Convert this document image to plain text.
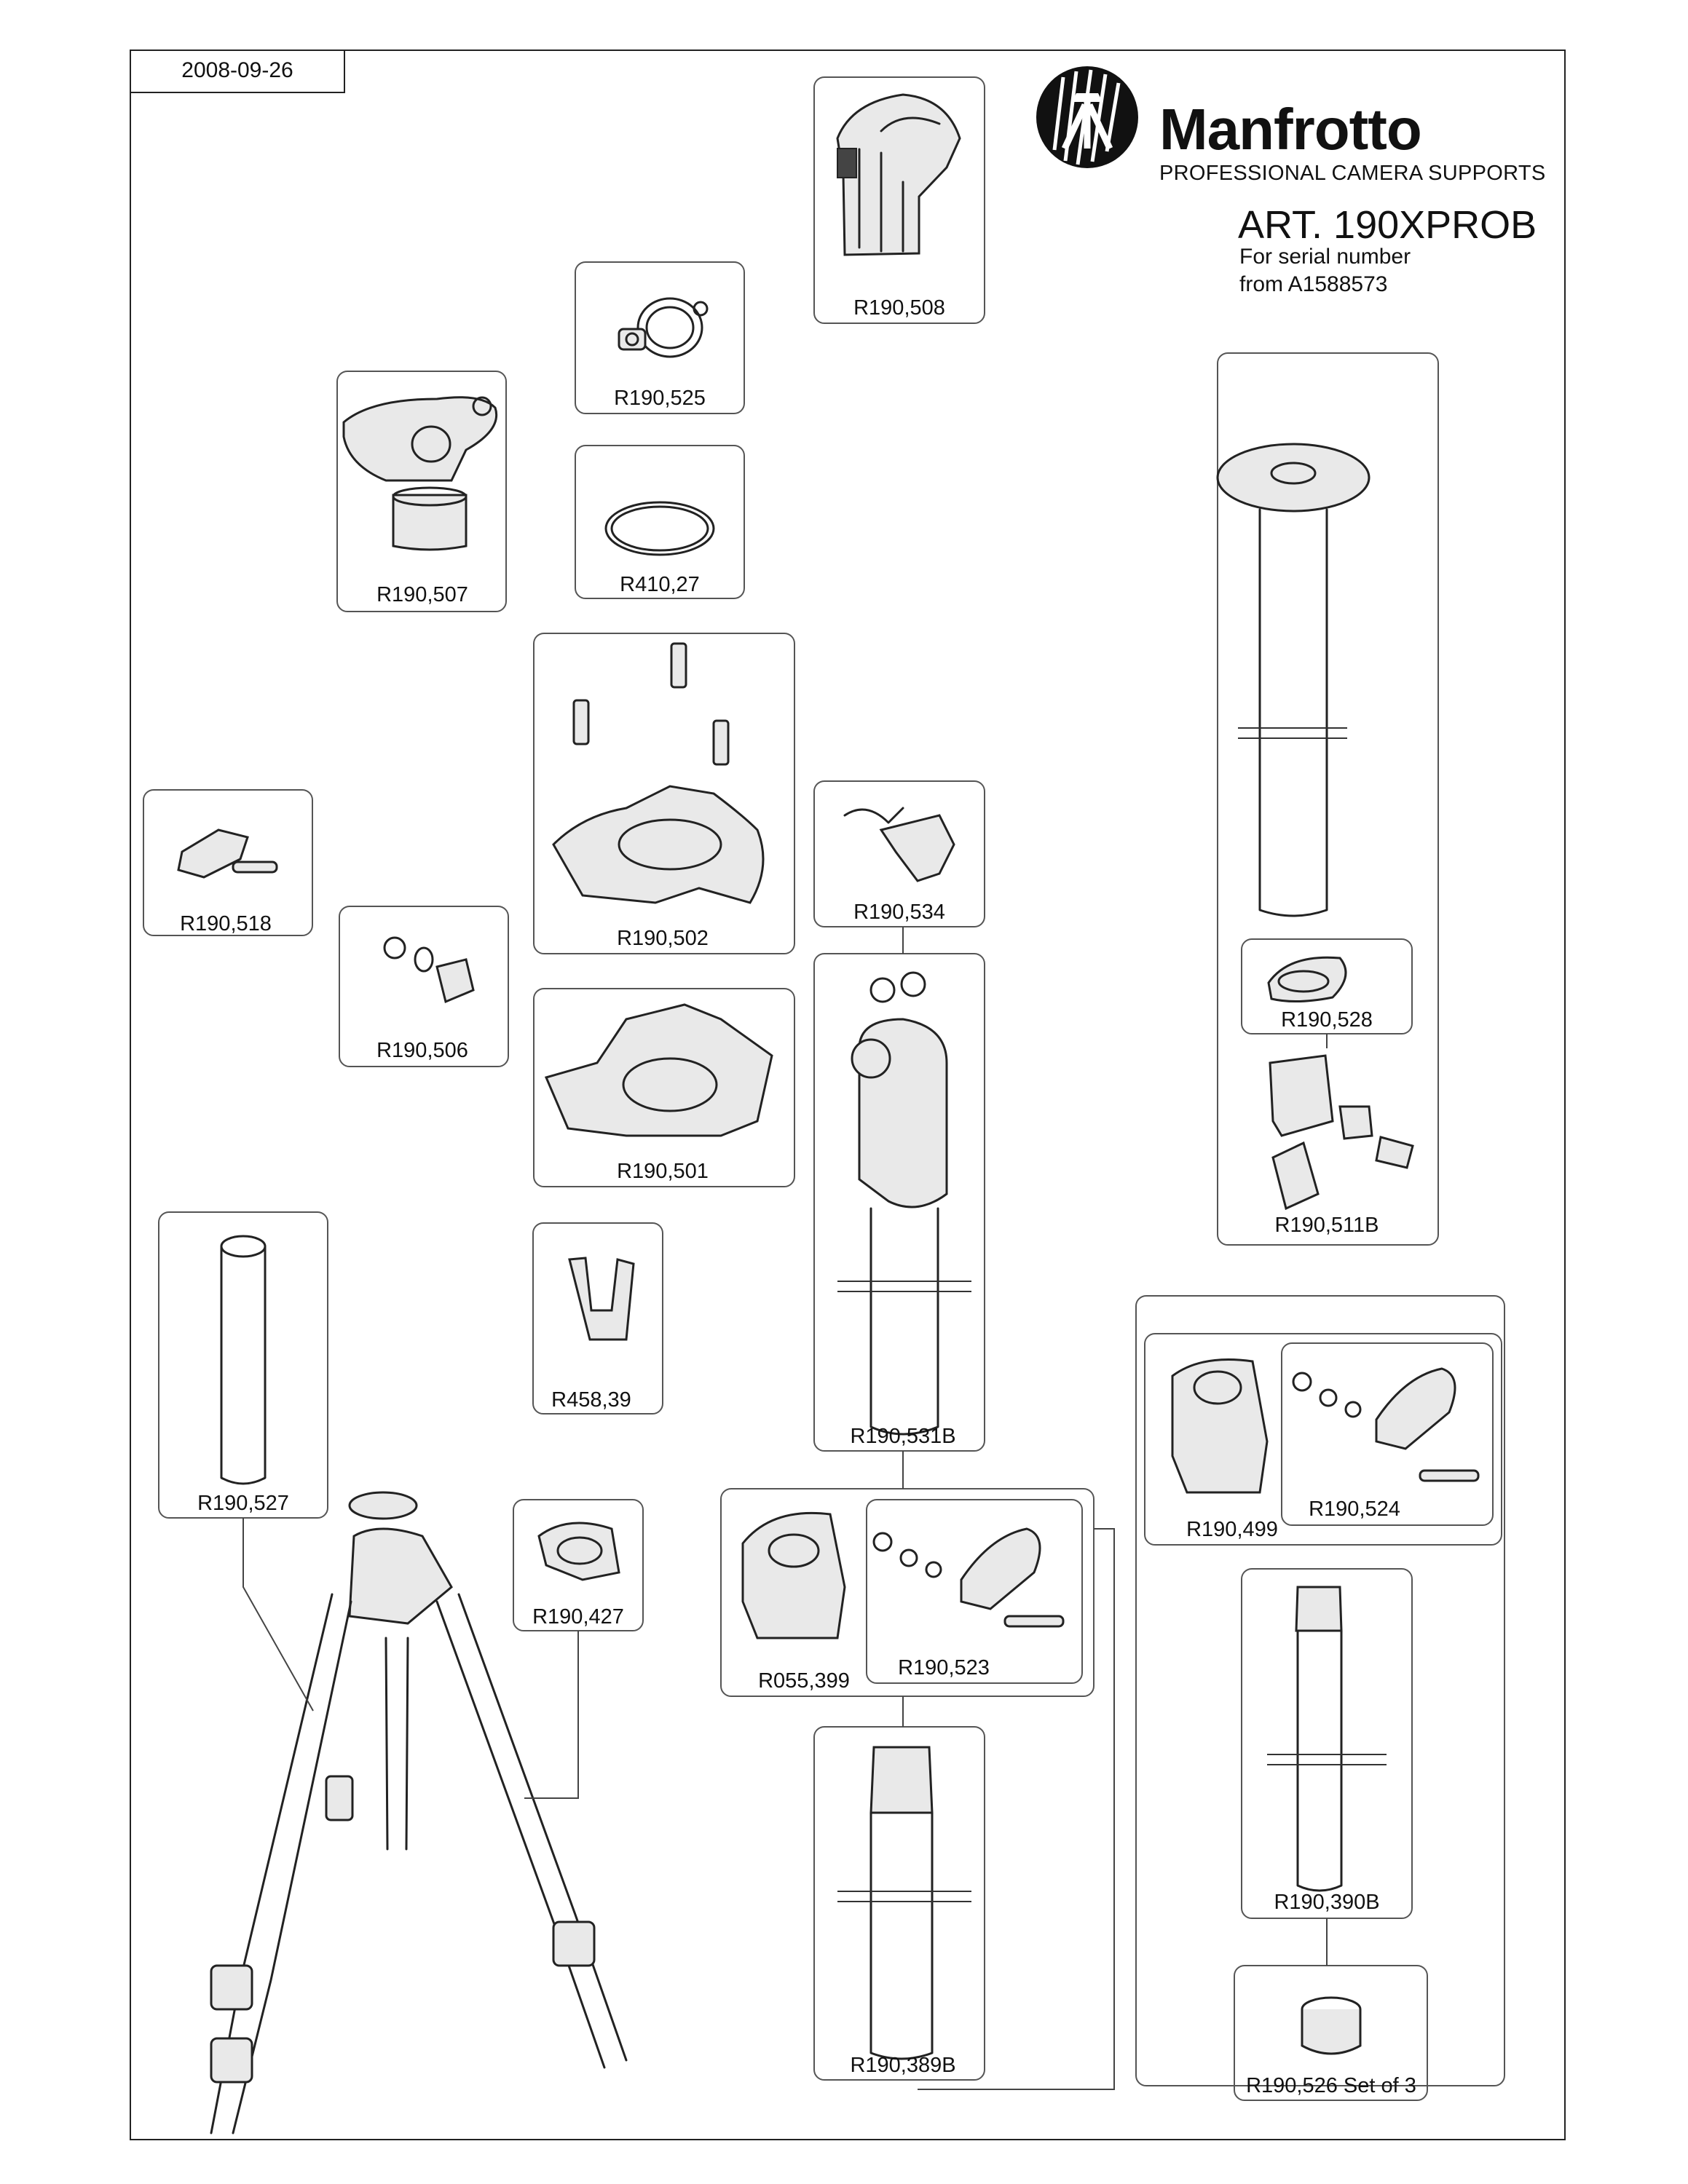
2008-09-26
Manfrotto
PROFESSIONAL CAMERA SUPPORTS
ART. 190XPROB
For serial number
from A1588573
R190,508
R190,525
R190,507	R410,27
R190,502
R190,518
R190,506
R190,501
R190,534
R190,531B
R458,39
R190,527
R190,427
R055,399
R190,523
R190,389B
R190,528
R190,511B
R190,499
R190,524
R190,390B
R190,526 Set of 3
